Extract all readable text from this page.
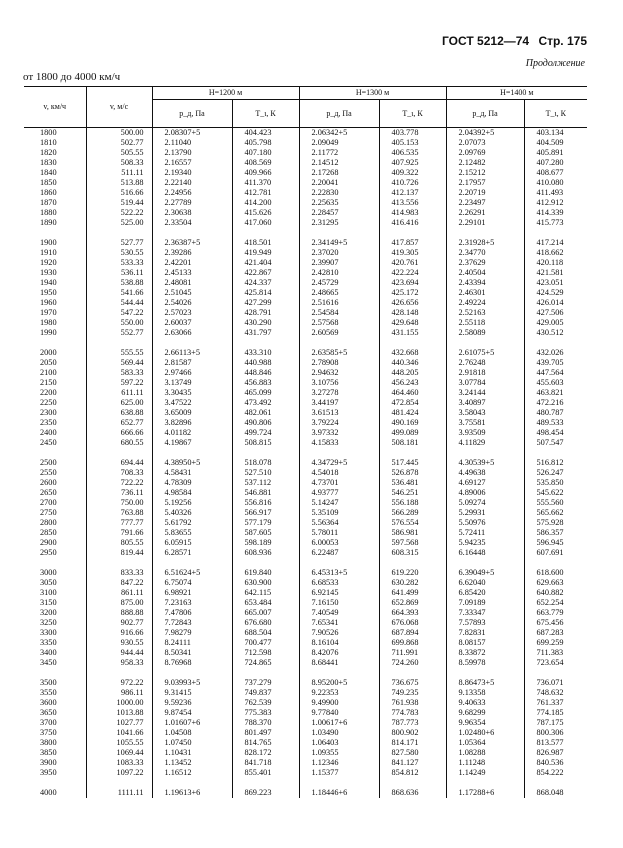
ГОСТ 5212—74 Стр. 175
Продолжение
от 1800 до 4000 км/ч
v, км/ч	v, м/с	H=1200 м		H=1300 м		H=1400 м	
		p_д, Па	T_ι, К	p_д, Па	T_ι, К	p_д, Па	T_ι, К
1800	500.00	2.08307+5	404.423	2.06342+5	403.778	2.04392+5	403.134
1810	502.77	2.11040	405.798	2.09049	405.153	2.07073	404.509
1820	505.55	2.13790	407.180	2.11772	406.535	2.09769	405.891
1830	508.33	2.16557	408.569	2.14512	407.925	2.12482	407.280
1840	511.11	2.19340	409.966	2.17268	409.322	2.15212	408.677
1850	513.88	2.22140	411.370	2.20041	410.726	2.17957	410.080
1860	516.66	2.24956	412.781	2.22830	412.137	2.20719	411.493
1870	519.44	2.27789	414.200	2.25635	413.556	2.23497	412.912
1880	522.22	2.30638	415.626	2.28457	414.983	2.26291	414.339
1890	525.00	2.33504	417.060	2.31295	416.416	2.29101	415.773

1900	527.77	2.36387+5	418.501	2.34149+5	417.857	2.31928+5	417.214
1910	530.55	2.39286	419.949	2.37020	419.305	2.34770	418.662
1920	533.33	2.42201	421.404	2.39907	420.761	2.37629	420.118
1930	536.11	2.45133	422.867	2.42810	422.224	2.40504	421.581
1940	538.88	2.48081	424.337	2.45729	423.694	2.43394	423.051
1950	541.66	2.51045	425.814	2.48665	425.172	2.46301	424.529
1960	544.44	2.54026	427.299	2.51616	426.656	2.49224	426.014
1970	547.22	2.57023	428.791	2.54584	428.148	2.52163	427.506
1980	550.00	2.60037	430.290	2.57568	429.648	2.55118	429.005
1990	552.77	2.63066	431.797	2.60569	431.155	2.58089	430.512

2000	555.55	2.66113+5	433.310	2.63585+5	432.668	2.61075+5	432.026
2050	569.44	2.81587	440.988	2.78908	440.346	2.76248	439.705
2100	583.33	2.97466	448.846	2.94632	448.205	2.91818	447.564
2150	597.22	3.13749	456.883	3.10756	456.243	3.07784	455.603
2200	611.11	3.30435	465.099	3.27278	464.460	3.24144	463.821
2250	625.00	3.47522	473.492	3.44197	472.854	3.40897	472.216
2300	638.88	3.65009	482.061	3.61513	481.424	3.58043	480.787
2350	652.77	3.82896	490.806	3.79224	490.169	3.75581	489.533
2400	666.66	4.01182	499.724	3.97332	499.089	3.93509	498.454
2450	680.55	4.19867	508.815	4.15833	508.181	4.11829	507.547

2500	694.44	4.38950+5	518.078	4.34729+5	517.445	4.30539+5	516.812
2550	708.33	4.58431	527.510	4.54018	526.878	4.49638	526.247
2600	722.22	4.78309	537.112	4.73701	536.481	4.69127	535.850
2650	736.11	4.98584	546.881	4.93777	546.251	4.89006	545.622
2700	750.00	5.19256	556.816	5.14247	556.188	5.09274	555.560
2750	763.88	5.40326	566.917	5.35109	566.289	5.29931	565.662
2800	777.77	5.61792	577.179	5.56364	576.554	5.50976	575.928
2850	791.66	5.83655	587.605	5.78011	586.981	5.72411	586.357
2900	805.55	6.05915	598.189	6.00053	597.568	5.94235	596.945
2950	819.44	6.28571	608.936	6.22487	608.315	6.16448	607.691

3000	833.33	6.51624+5	619.840	6.45313+5	619.220	6.39049+5	618.600
3050	847.22	6.75074	630.900	6.68533	630.282	6.62040	629.663
3100	861.11	6.98921	642.115	6.92145	641.499	6.85420	640.882
3150	875.00	7.23163	653.484	7.16150	652.869	7.09189	652.254
3200	888.88	7.47806	665.007	7.40549	664.393	7.33347	663.779
3250	902.77	7.72843	676.680	7.65341	676.068	7.57893	675.456
3300	916.66	7.98279	688.504	7.90526	687.894	7.82831	687.283
3350	930.55	8.24111	700.477	8.16104	699.868	8.08157	699.259
3400	944.44	8.50341	712.598	8.42076	711.991	8.33872	711.383
3450	958.33	8.76968	724.865	8.68441	724.260	8.59978	723.654

3500	972.22	9.03993+5	737.279	8.95200+5	736.675	8.86473+5	736.071
3550	986.11	9.31415	749.837	9.22353	749.235	9.13358	748.632
3600	1000.00	9.59236	762.539	9.49900	761.938	9.40633	761.337
3650	1013.88	9.87454	775.383	9.77840	774.783	9.68299	774.185
3700	1027.77	1.01607+6	788.370	1.00617+6	787.773	9.96354	787.175
3750	1041.66	1.04508	801.497	1.03490	800.902	1.02480+6	800.306
3800	1055.55	1.07450	814.765	1.06403	814.171	1.05364	813.577
3850	1069.44	1.10431	828.172	1.09355	827.580	1.08288	826.987
3900	1083.33	1.13452	841.718	1.12346	841.127	1.11248	840.536
3950	1097.22	1.16512	855.401	1.15377	854.812	1.14249	854.222

4000	1111.11	1.19613+6	869.223	1.18446+6	868.636	1.17288+6	868.048
